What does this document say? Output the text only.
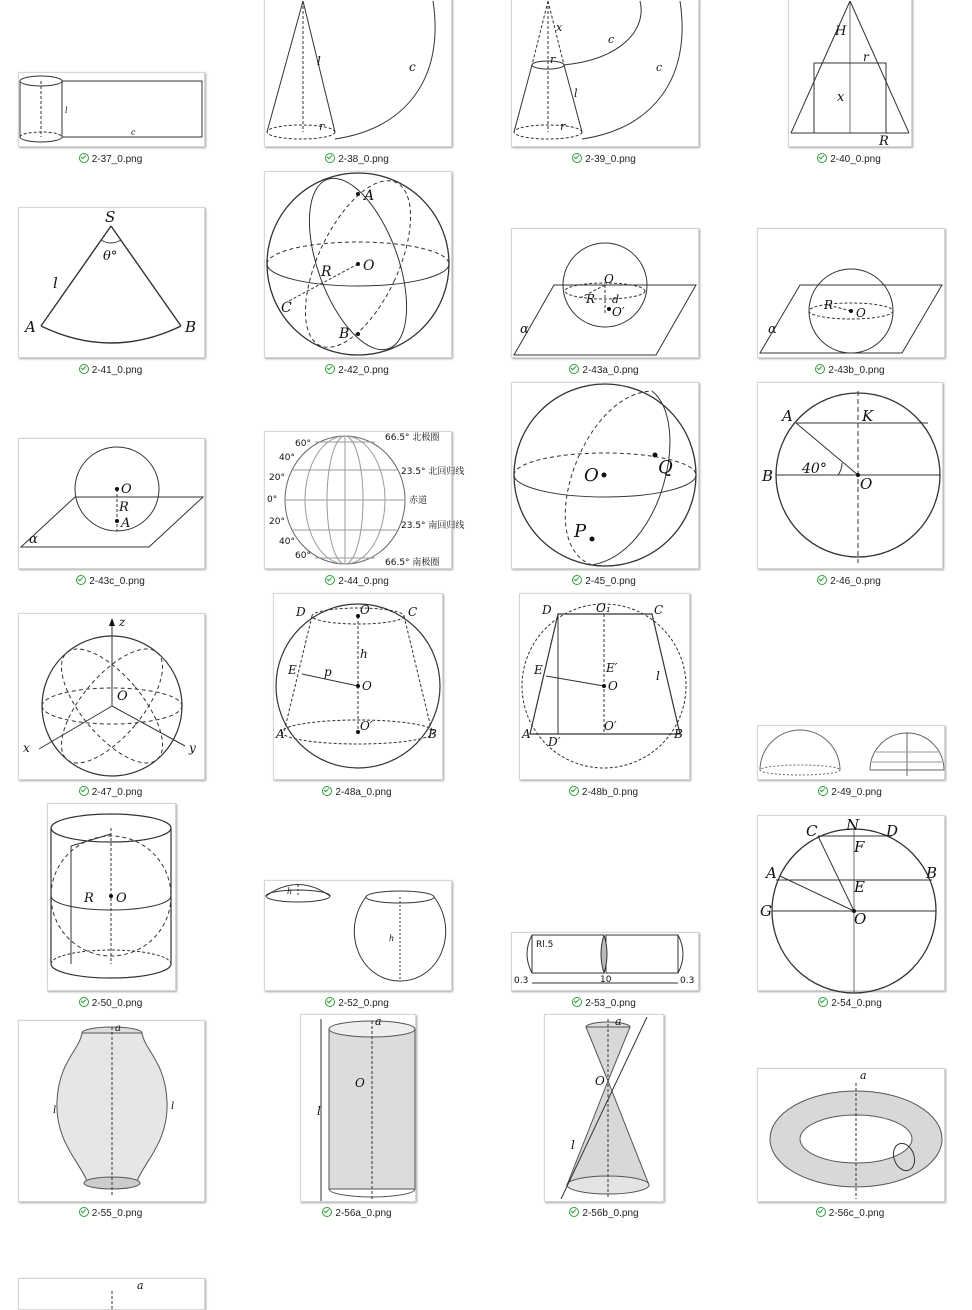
l
c
2-37_0.png
l	c
r
2-38_0.png
x
c
c
r
l
r
2-39_0.png
H
r
x
R
2-40_0.png
S
θ°
l
A	B
2-41_0.png
A
O
R
C
B
2-42_0.png
O
R d
O′
α
2-43a_0.png
R
O
α
2-43b_0.png
O
R
A
α
2-43c_0.png
66.5° 北极圈
23.5° 北回归线
赤道
23.5° 南回归线
66.5° 南极圈
60°
40°
20°
0°
20°
40°
60°
2-44_0.png
O	Q
P
2-45_0.png
A	K
B 40°
O
2-46_0.png
z
O
x	y
2-47_0.png
D	O	C
h
E p
O
O′
A	B
2-48a_0.png
D	O₁	C
E	E′
O
l
O′
A
D′
B
2-48b_0.png	2-49_0.png
R O
2-50_0.png
h
h
2-52_0.png
Rl.5
0.3	10	0.3
2-53_0.png
C N D
F
A	B
E
G	O
2-54_0.png
a
l	l
2-55_0.png
a
O
l
2-56a_0.png
a
O
l
2-56b_0.png
a
2-56c_0.png
a
